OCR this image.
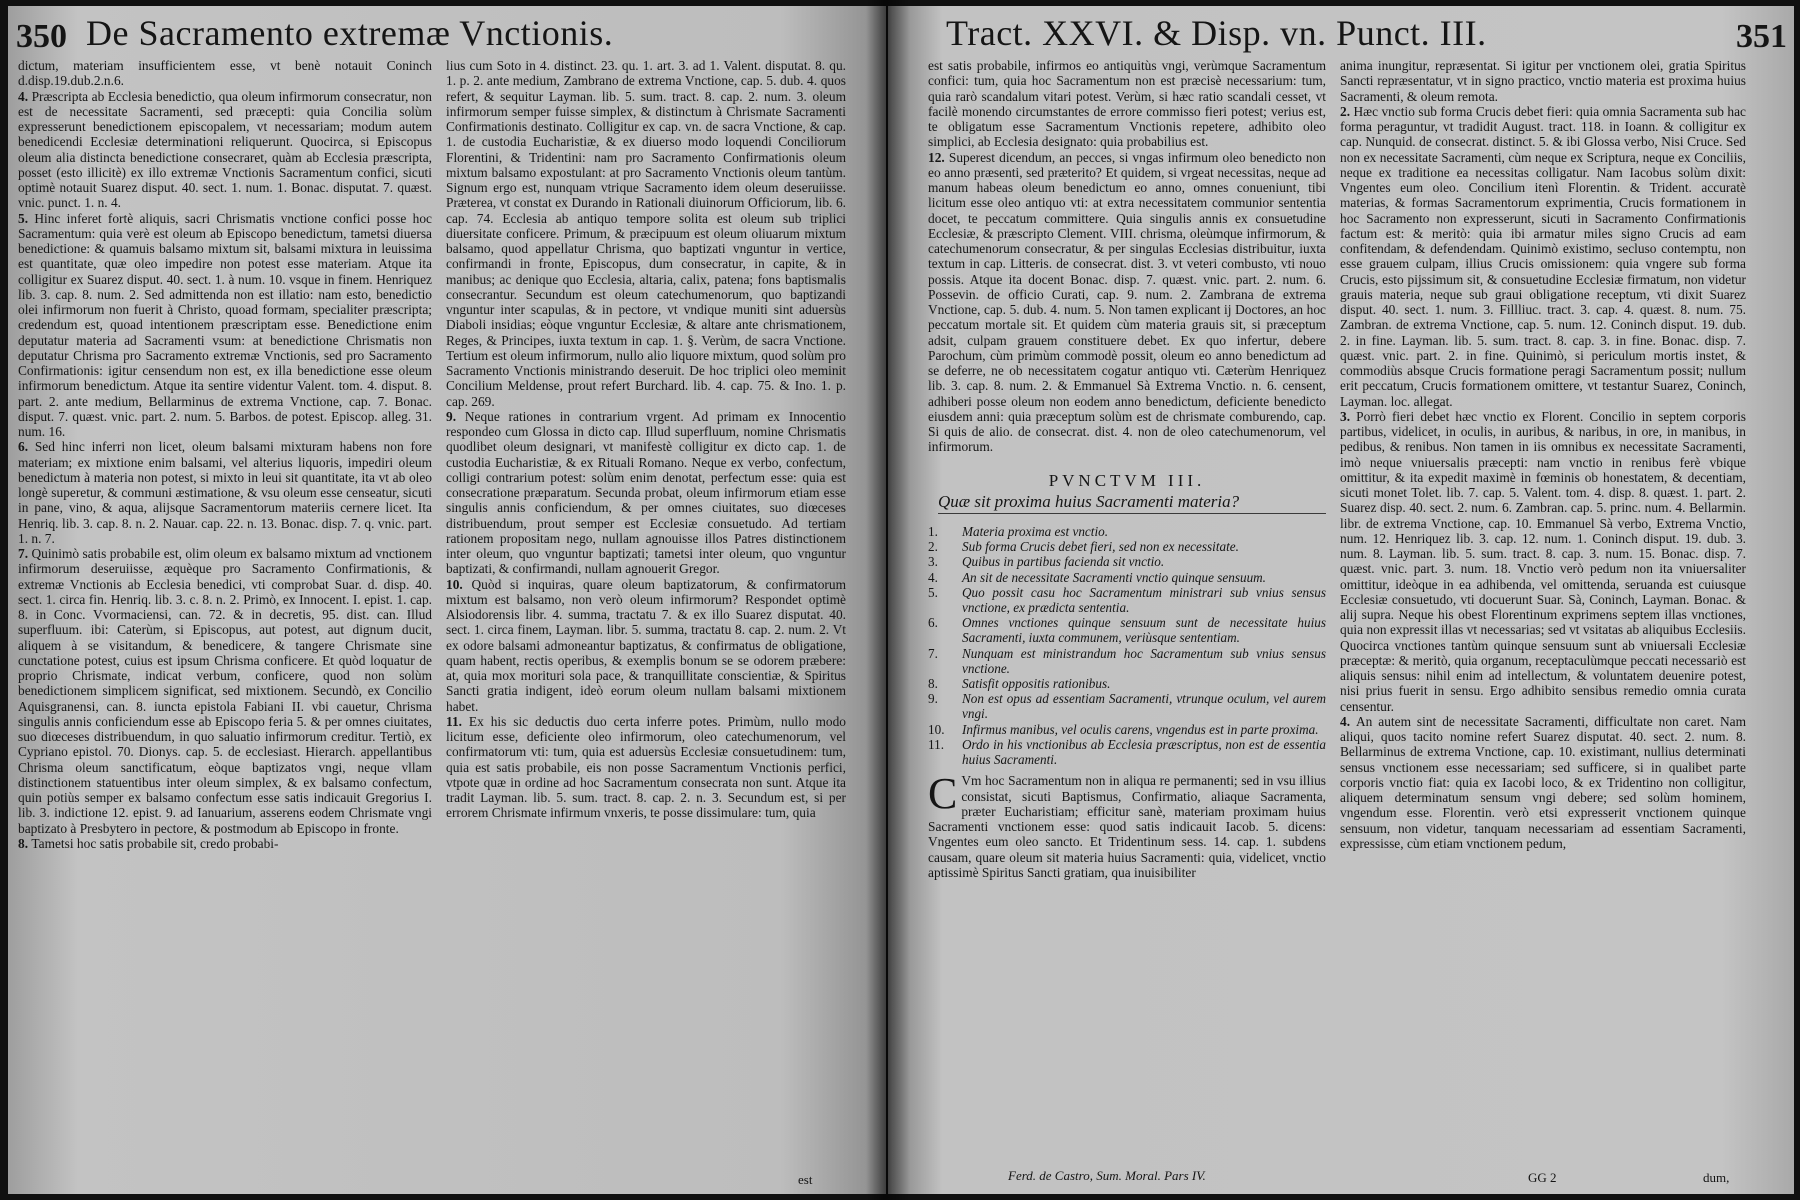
350 De Sacramento extremæ Vnctionis.

dictum, materiam insufficientem esse, vt benè notauit Coninch d.disp.19.dub.2.n.6.

4. Præscripta ab Ecclesia benedictio, qua oleum infirmorum consecratur, non est de necessitate Sacramenti, sed præcepti: quia Concilia solùm expresserunt benedictionem episcopalem, vt necessariam; modum autem benedicendi Ecclesiæ determinationi reliquerunt. Quocirca, si Episcopus oleum alia distincta benedictione consecraret, quàm ab Ecclesia præscripta, posset (esto illicitè) ex illo extremæ Vnctionis Sacramentum confici, sicuti optimè notauit Suarez disput. 40. sect. 1. num. 1. Bonac. disputat. 7. quæst. vnic. punct. 1. n. 4.

5. Hinc inferet fortè aliquis, sacri Chrismatis vnctione confici posse hoc Sacramentum: quia verè est oleum ab Episcopo benedictum, tametsi diuersa benedictione: & quamuis balsamo mixtum sit, balsami mixtura in leuissima est quantitate, quæ oleo impedire non potest esse materiam. Atque ita colligitur ex Suarez disput. 40. sect. 1. à num. 10. vsque in finem. Henriquez lib. 3. cap. 8. num. 2. Sed admittenda non est illatio: nam esto, benedictio olei infirmorum non fuerit à Christo, quoad formam, specialiter præscripta; credendum est, quoad intentionem præscriptam esse. Benedictione enim deputatur materia ad Sacramenti vsum: at benedictione Chrismatis non deputatur Chrisma pro Sacramento extremæ Vnctionis, sed pro Sacramento Confirmationis: igitur censendum non est, ex illa benedictione esse oleum infirmorum benedictum. Atque ita sentire videntur Valent. tom. 4. disput. 8. part. 2. ante medium, Bellarminus de extrema Vnctione, cap. 7. Bonac. disput. 7. quæst. vnic. part. 2. num. 5. Barbos. de potest. Episcop. alleg. 31. num. 16.

6. Sed hinc inferri non licet, oleum balsami mixturam habens non fore materiam; ex mixtione enim balsami, vel alterius liquoris, impediri oleum benedictum à materia non potest, si mixto in leui sit quantitate, ita vt ab oleo longè superetur, & communi æstimatione, & vsu oleum esse censeatur, sicuti in pane, vino, & aqua, alijsque Sacramentorum materiis cernere licet. Ita Henriq. lib. 3. cap. 8. n. 2. Nauar. cap. 22. n. 13. Bonac. disp. 7. q. vnic. part. 1. n. 7.

7. Quinimò satis probabile est, olim oleum ex balsamo mixtum ad vnctionem infirmorum deseruiisse, æquèque pro Sacramento Confirmationis, & extremæ Vnctionis ab Ecclesia benedici, vti comprobat Suar. d. disp. 40. sect. 1. circa fin. Henriq. lib. 3. c. 8. n. 2. Primò, ex Innocent. I. epist. 1. cap. 8. in Conc. Vvormaciensi, can. 72. & in decretis, 95. dist. can. Illud superfluum. ibi: Caterùm, si Episcopus, aut potest, aut dignum ducit, aliquem à se visitandum, & benedicere, & tangere Chrismate sine cunctatione potest, cuius est ipsum Chrisma conficere. Et quòd loquatur de proprio Chrismate, indicat verbum, conficere, quod non solùm benedictionem simplicem significat, sed mixtionem. Secundò, ex Concilio Aquisgranensi, can. 8. iuncta epistola Fabiani II. vbi cauetur, Chrisma singulis annis conficiendum esse ab Episcopo feria 5. & per omnes ciuitates, suo diœceses distribuendum, in quo saluatio infirmorum creditur. Tertiò, ex Cypriano epistol. 70. Dionys. cap. 5. de ecclesiast. Hierarch. appellantibus Chrisma oleum sanctificatum, eòque baptizatos vngi, neque vllam distinctionem statuentibus inter oleum simplex, & ex balsamo confectum, quin potiùs semper ex balsamo confectum esse satis indicauit Gregorius I. lib. 3. indictione 12. epist. 9. ad Ianuarium, asserens eodem Chrismate vngi baptizato à Presbytero in pectore, & postmodum ab Episcopo in fronte.

8. Tametsi hoc satis probabile sit, credo probabi-

lius cum Soto in 4. distinct. 23. qu. 1. art. 3. ad 1. Valent. disputat. 8. qu. 1. p. 2. ante medium, Zambrano de extrema Vnctione, cap. 5. dub. 4. quos refert, & sequitur Layman. lib. 5. sum. tract. 8. cap. 2. num. 3. oleum infirmorum semper fuisse simplex, & distinctum à Chrismate Sacramenti Confirmationis destinato. Colligitur ex cap. vn. de sacra Vnctione, & cap. 1. de custodia Eucharistiæ, & ex diuerso modo loquendi Conciliorum Florentini, & Tridentini: nam pro Sacramento Confirmationis oleum mixtum balsamo expostulant: at pro Sacramento Vnctionis oleum tantùm. Signum ergo est, nunquam vtrique Sacramento idem oleum deseruiisse. Præterea, vt constat ex Durando in Rationali diuinorum Officiorum, lib. 6. cap. 74. Ecclesia ab antiquo tempore solita est oleum sub triplici diuersitate conficere. Primum, & præcipuum est oleum oliuarum mixtum balsamo, quod appellatur Chrisma, quo baptizati vnguntur in vertice, confirmandi in fronte, Episcopus, dum consecratur, in capite, & in manibus; ac denique quo Ecclesia, altaria, calix, patena; fons baptismalis consecrantur. Secundum est oleum catechumenorum, quo baptizandi vnguntur inter scapulas, & in pectore, vt vndique muniti sint aduersùs Diaboli insidias; eòque vnguntur Ecclesiæ, & altare ante chrismationem, Reges, & Principes, iuxta textum in cap. 1. §. Verùm, de sacra Vnctione. Tertium est oleum infirmorum, nullo alio liquore mixtum, quod solùm pro Sacramento Vnctionis ministrando deseruit. De hoc triplici oleo meminit Concilium Meldense, prout refert Burchard. lib. 4. cap. 75. & Ino. 1. p. cap. 269.

9. Neque rationes in contrarium vrgent. Ad primam ex Innocentio respondeo cum Glossa in dicto cap. Illud superfluum, nomine Chrismatis quodlibet oleum designari, vt manifestè colligitur ex dicto cap. 1. de custodia Eucharistiæ, & ex Rituali Romano. Neque ex verbo, confectum, colligi contrarium potest: solùm enim denotat, perfectum esse: quia est consecratione præparatum. Secunda probat, oleum infirmorum etiam esse singulis annis conficiendum, & per omnes ciuitates, suo diœceses distribuendum, prout semper est Ecclesiæ consuetudo. Ad tertiam rationem propositam nego, nullam agnouisse illos Patres distinctionem inter oleum, quo vnguntur baptizati; tametsi inter oleum, quo vnguntur baptizati, & confirmandi, nullam agnouerit Gregor.

10. Quòd si inquiras, quare oleum baptizatorum, & confirmatorum mixtum est balsamo, non verò oleum infirmorum? Respondet optimè Alsiodorensis libr. 4. summa, tractatu 7. & ex illo Suarez disputat. 40. sect. 1. circa finem, Layman. libr. 5. summa, tractatu 8. cap. 2. num. 2. Vt ex odore balsami admoneantur baptizatus, & confirmatus de obligatione, quam habent, rectis operibus, & exemplis bonum se se odorem præbere: at, quia mox morituri sola pace, & tranquillitate conscientiæ, & Spiritus Sancti gratia indigent, ideò eorum oleum nullam balsami mixtionem habet.

11. Ex his sic deductis duo certa inferre potes. Primùm, nullo modo licitum esse, deficiente oleo infirmorum, oleo catechumenorum, vel confirmatorum vti: tum, quia est aduersùs Ecclesiæ consuetudinem: tum, quia est satis probabile, eis non posse Sacramentum Vnctionis perfici, vtpote quæ in ordine ad hoc Sacramentum consecrata non sunt. Atque ita tradit Layman. lib. 5. sum. tract. 8. cap. 2. n. 3. Secundum est, si per errorem Chrismate infirmum vnxeris, te posse dissimulare: tum, quia

est
Tract. XXVI. & Disp. vn. Punct. III.	351

est satis probabile, infirmos eo antiquitùs vngi, verùmque Sacramentum confici: tum, quia hoc Sacramentum non est præcisè necessarium: tum, quia rarò scandalum vitari potest. Verùm, si hæc ratio scandali cesset, vt facilè monendo circumstantes de errore commisso fieri potest; verius est, te obligatum esse Sacramentum Vnctionis repetere, adhibito oleo simplici, ab Ecclesia designato: quia probabilius est.

12. Superest dicendum, an pecces, si vngas infirmum oleo benedicto non eo anno præsenti, sed præterito? Et quidem, si vrgeat necessitas, neque ad manum habeas oleum benedictum eo anno, omnes conueniunt, tibi licitum esse oleo antiquo vti: at extra necessitatem communior sententia docet, te peccatum committere. Quia singulis annis ex consuetudine Ecclesiæ, & præscripto Clement. VIII. chrisma, oleùmque infirmorum, & catechumenorum consecratur, & per singulas Ecclesias distribuitur, iuxta textum in cap. Litteris. de consecrat. dist. 3. vt veteri combusto, vti nouo possis. Atque ita docent Bonac. disp. 7. quæst. vnic. part. 2. num. 6. Possevin. de officio Curati, cap. 9. num. 2. Zambrana de extrema Vnctione, cap. 5. dub. 4. num. 5. Non tamen explicant ij Doctores, an hoc peccatum mortale sit. Et quidem cùm materia grauis sit, si præceptum adsit, culpam grauem constituere debet. Ex quo infertur, debere Parochum, cùm primùm commodè possit, oleum eo anno benedictum ad se deferre, ne ob necessitatem cogatur antiquo vti. Cæterùm Henriquez lib. 3. cap. 8. num. 2. & Emmanuel Sà Extrema Vnctio. n. 6. censent, adhiberi posse oleum non eodem anno benedictum, deficiente benedicto eiusdem anni: quia præceptum solùm est de chrismate comburendo, cap. Si quis de alio. de consecrat. dist. 4. non de oleo catechumenorum, vel infirmorum.

PVNCTVM III.
Quæ sit proxima huius Sacramenti materia?
1.	Materia proxima est vnctio.
2.	Sub forma Crucis debet fieri, sed non ex necessitate.
3.	Quibus in partibus facienda sit vnctio.
4.	An sit de necessitate Sacramenti vnctio quinque sensuum.
5.	Quo possit casu hoc Sacramentum ministrari sub vnius sensus vnctione, ex prædicta sententia.
6.	Omnes vnctiones quinque sensuum sunt de necessitate huius Sacramenti, iuxta communem, veriùsque sententiam.
7.	Nunquam est ministrandum hoc Sacramentum sub vnius sensus vnctione.
8.	Satisfit oppositis rationibus.
9.	Non est opus ad essentiam Sacramenti, vtrunque oculum, vel aurem vngi.
10.	Infirmus manibus, vel oculis carens, vngendus est in parte proxima.
11.	Ordo in his vnctionibus ab Ecclesia præscriptus, non est de essentia huius Sacramenti.

C Vm hoc Sacramentum non in aliqua re permanenti; sed in vsu illius consistat, sicuti Baptismus, Confirmatio, aliaque Sacramenta, præter Eucharistiam; efficitur sanè, materiam proximam huius Sacramenti vnctionem esse: quod satis indicauit Iacob. 5. dicens: Vngentes eum oleo sancto. Et Tridentinum sess. 14. cap. 1. subdens causam, quare oleum sit materia huius Sacramenti: quia, videlicet, vnctio aptissimè Spiritus Sancti gratiam, qua inuisibiliter

anima inungitur, repræsentat. Si igitur per vnctionem olei, gratia Spiritus Sancti repræsentatur, vt in signo practico, vnctio materia est proxima huius Sacramenti, & oleum remota.

2. Hæc vnctio sub forma Crucis debet fieri: quia omnia Sacramenta sub hac forma peraguntur, vt tradidit August. tract. 118. in Ioann. & colligitur ex cap. Nunquid. de consecrat. distinct. 5. & ibi Glossa verbo, Nisi Cruce. Sed non ex necessitate Sacramenti, cùm neque ex Scriptura, neque ex Conciliis, neque ex traditione ea necessitas colligatur. Nam Iacobus solùm dixit: Vngentes eum oleo. Concilium itenì Florentin. & Trident. accuratè materias, & formas Sacramentorum exprimentia, Crucis formationem in hoc Sacramento non expresserunt, sicuti in Sacramento Confirmationis factum est: & meritò: quia ibi armatur miles signo Crucis ad eam confitendam, & defendendam. Quinimò existimo, secluso contemptu, non esse grauem culpam, illius Crucis omissionem: quia vngere sub forma Crucis, esto pijssimum sit, & consuetudine Ecclesiæ firmatum, non videtur grauis materia, neque sub graui obligatione receptum, vti dixit Suarez disput. 40. sect. 1. num. 3. Fillliuc. tract. 3. cap. 4. quæst. 8. num. 75. Zambran. de extrema Vnctione, cap. 5. num. 12. Coninch disput. 19. dub. 2. in fine. Layman. lib. 5. sum. tract. 8. cap. 3. in fine. Bonac. disp. 7. quæst. vnic. part. 2. in fine. Quinimò, si periculum mortis instet, & commodiùs absque Crucis formatione peragi Sacramentum possit; nullum erit peccatum, Crucis formationem omittere, vt testantur Suarez, Coninch, Layman. loc. allegat.

3. Porrò fieri debet hæc vnctio ex Florent. Concilio in septem corporis partibus, videlicet, in oculis, in auribus, & naribus, in ore, in manibus, in pedibus, & renibus. Non tamen in iis omnibus ex necessitate Sacramenti, imò neque vniuersalis præcepti: nam vnctio in renibus ferè vbique omittitur, & ita expedit maximè in fœminis ob honestatem, & decentiam, sicuti monet Tolet. lib. 7. cap. 5. Valent. tom. 4. disp. 8. quæst. 1. part. 2. Suarez disp. 40. sect. 2. num. 6. Zambran. cap. 5. princ. num. 4. Bellarmin. libr. de extrema Vnctione, cap. 10. Emmanuel Sà verbo, Extrema Vnctio, num. 12. Henriquez lib. 3. cap. 12. num. 1. Coninch disput. 19. dub. 3. num. 8. Layman. lib. 5. sum. tract. 8. cap. 3. num. 15. Bonac. disp. 7. quæst. vnic. part. 3. num. 18. Vnctio verò pedum non ita vniuersaliter omittitur, ideòque in ea adhibenda, vel omittenda, seruanda est cuiusque Ecclesiæ consuetudo, vti docuerunt Suar. Sà, Coninch, Layman. Bonac. & alij supra. Neque his obest Florentinum exprimens septem illas vnctiones, quia non expressit illas vt necessarias; sed vt vsitatas ab aliquibus Ecclesiis. Quocirca vnctiones tantùm quinque sensuum sunt ab vniuersali Ecclesiæ præceptæ: & meritò, quia organum, receptaculùmque peccati necessariò est aliquis sensus: nihil enim ad intellectum, & voluntatem deuenire potest, nisi prius fuerit in sensu. Ergo adhibito sensibus remedio omnia curata censentur.

4. An autem sint de necessitate Sacramenti, difficultate non caret. Nam aliqui, quos tacito nomine refert Suarez disputat. 40. sect. 2. num. 8. Bellarminus de extrema Vnctione, cap. 10. existimant, nullius determinati sensus vnctionem esse necessariam; sed sufficere, si in qualibet parte corporis vnctio fiat: quia ex Iacobi loco, & ex Tridentino non colligitur, aliquem determinatum sensum vngi debere; sed solùm hominem, vngendum esse. Florentin. verò etsi expresserit vnctionem quinque sensuum, non videtur, tanquam necessariam ad essentiam Sacramenti, expressisse, cùm etiam vnctionem pedum,

Ferd. de Castro, Sum. Moral. Pars IV.	GG 2	dum,
